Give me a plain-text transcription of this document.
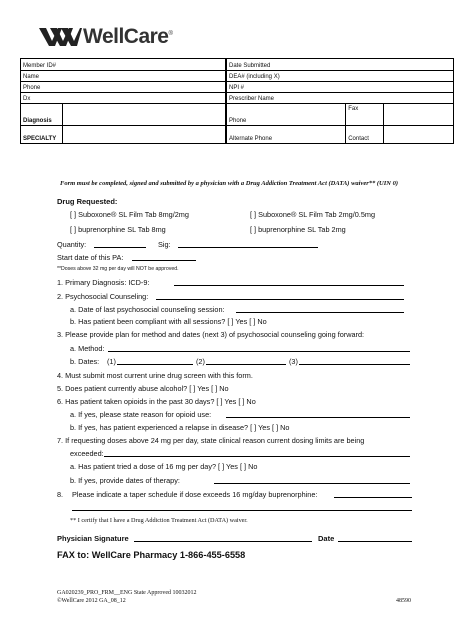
WellCare®
Member ID#		Date Submitted		
Name		DEA# (including X)		
Phone		NPI #		
Dx		Prescriber Name		
Diagnosis		Phone	Fax	
SPECIALTY		Alternate Phone	Contact	
Form must be completed, signed and submitted by a physician with a Drug Addiction Treatment Act (DATA) waiver** (UIN 0)
Drug Requested:
[ ] Suboxone® SL Film Tab 8mg/2mg	[ ] Suboxone® SL Film Tab 2mg/0.5mg
[ ] buprenorphine SL Tab 8mg	[ ] buprenorphine SL Tab 2mg
Quantity:	Sig:
Start date of this PA:
**Doses above 32 mg per day will NOT be approved.
1. Primary Diagnosis: ICD-9:
2. Psychosocial Counseling:
a. Date of last psychosocial counseling session:
b. Has patient been compliant with all sessions? [ ] Yes [ ] No
3. Please provide plan for method and dates (next 3) of psychosocial counseling going forward:
a. Method:
b. Dates: (1)	(2)	(3)
4. Must submit most current urine drug screen with this form.
5. Does patient currently abuse alcohol? [ ] Yes [ ] No
6. Has patient taken opioids in the past 30 days? [ ] Yes [ ] No
a. If yes, please state reason for opioid use:
b. If yes, has patient experienced a relapse in disease? [ ] Yes [ ] No
7. If requesting doses above 24 mg per day, state clinical reason current dosing limits are being
exceeded:
a. Has patient tried a dose of 16 mg per day? [ ] Yes [ ] No
b. If yes, provide dates of therapy:
8. Please indicate a taper schedule if dose exceeds 16 mg/day buprenorphine:
** I certify that I have a Drug Addiction Treatment Act (DATA) waiver.
Physician Signature	Date
FAX to: WellCare Pharmacy 1-866-455-6558
GA020239_PRO_FRM__ENG State Approved 10032012
©WellCare 2012 GA_08_12	48590
